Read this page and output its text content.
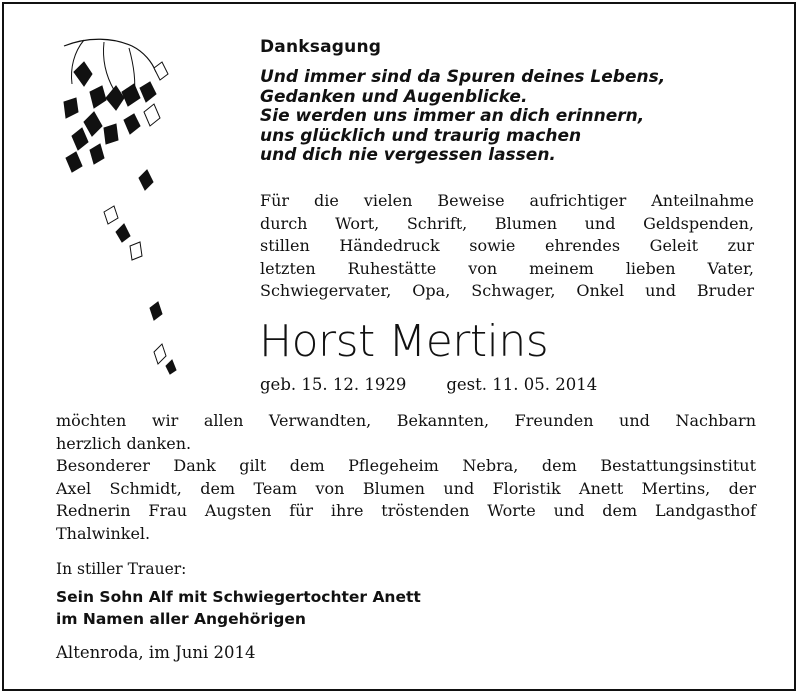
Danksagung
Und immer sind da Spuren deines Lebens,
Gedanken und Augenblicke.
Sie werden uns immer an dich erinnern,
uns glücklich und traurig machen
und dich nie vergessen lassen.
Für die vielen Beweise aufrichtiger Anteilnahme
durch Wort, Schrift, Blumen und Geldspenden,
stillen Händedruck sowie ehrendes Geleit zur
letzten Ruhestätte von meinem lieben Vater,
Schwiegervater, Opa, Schwager, Onkel und Bruder
Horst Mertins
geb. 15. 12. 1929 gest. 11. 05. 2014
möchten wir allen Verwandten, Bekannten, Freunden und Nachbarn
herzlich danken.
Besonderer Dank gilt dem Pflegeheim Nebra, dem Bestattungsinstitut
Axel Schmidt, dem Team von Blumen und Floristik Anett Mertins, der
Rednerin Frau Augsten für ihre tröstenden Worte und dem Landgasthof
Thalwinkel.
In stiller Trauer:
Sein Sohn Alf mit Schwiegertochter Anett
im Namen aller Angehörigen
Altenroda, im Juni 2014
